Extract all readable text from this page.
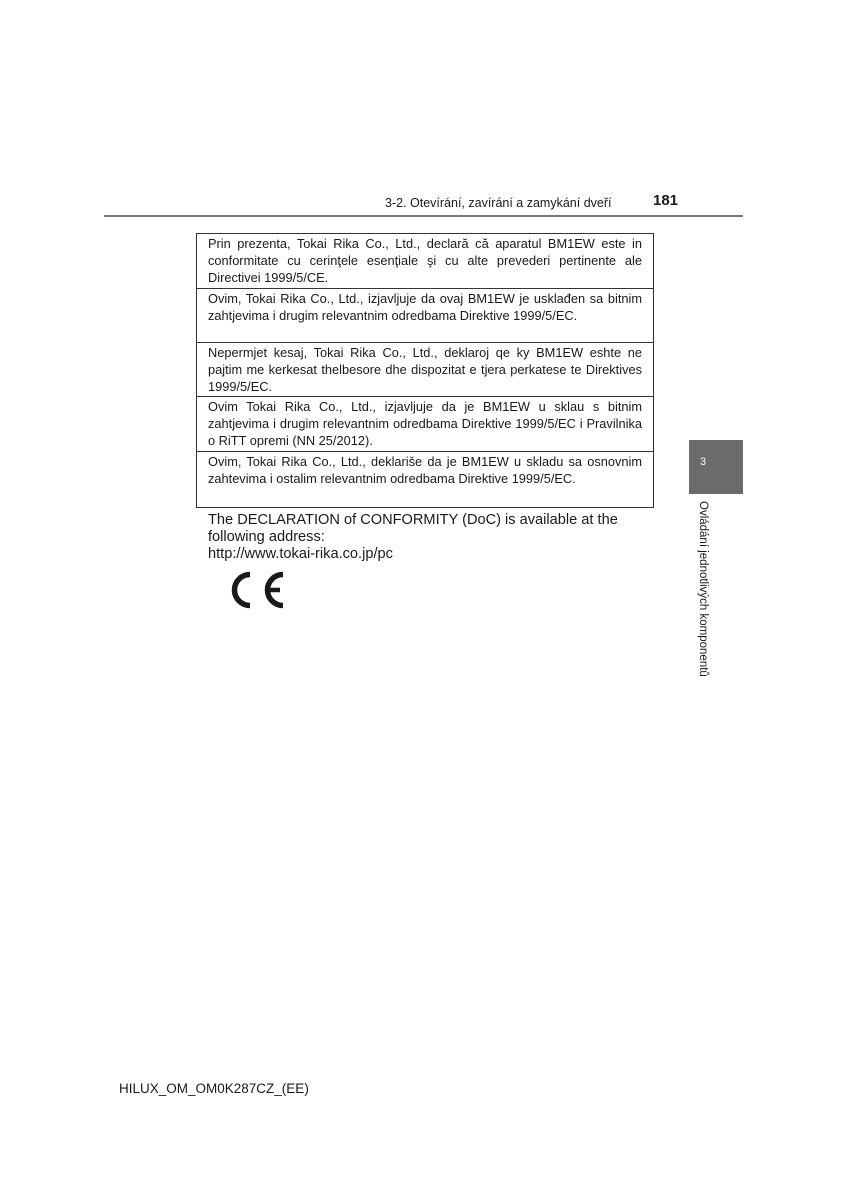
3-2. Otevírání, zavírání a zamykání dveří	181
Prin prezenta, Tokai Rika Co., Ltd., declară că aparatul BM1EW este in conformitate cu cerinţele esenţiale şi cu alte prevederi pertinente ale Directivei 1999/5/CE.
Ovim, Tokai Rika Co., Ltd., izjavljuje da ovaj BM1EW je usklađen sa bitnim zahtjevima i drugim relevantnim odredbama Direktive 1999/5/EC.
Nepermjet kesaj, Tokai Rika Co., Ltd., deklaroj qe ky BM1EW eshte ne pajtim me kerkesat thelbesore dhe dispozitat e tjera perkatese te Direktives 1999/5/EC.
Ovim Tokai Rika Co., Ltd., izjavljuje da je BM1EW u sklau s bitnim zahtjevima i drugim relevantnim odredbama Direktive 1999/5/EC i Pravilnika o RiTT opremi (NN 25/2012).
Ovim, Tokai Rika Co., Ltd., deklariše da je BM1EW u skladu sa osnovnim zahtevima i ostalim relevantnim odredbama Direktive 1999/5/EC.

The DECLARATION of CONFORMITY (DoC) is available at the

following address:

http://www.tokai-rika.co.jp/pc

3
Ovládání jednotlivých komponentů
HILUX_OM_OM0K287CZ_(EE)
